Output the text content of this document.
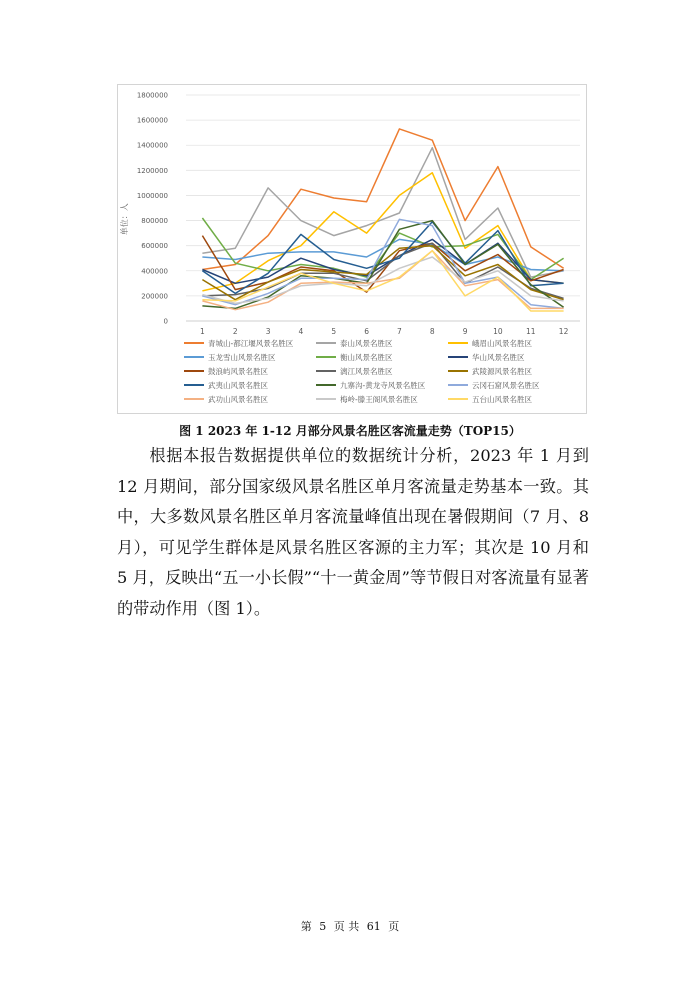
0
200000
400000
600000
800000
1000000
1200000
1400000
1600000
1800000
单位：人
1	2	3	4	5	6	7	8	9	10	11	12
青城山-都江堰风景名胜区	泰山风景名胜区	峨眉山风景名胜区
玉龙雪山风景名胜区	衡山风景名胜区	华山风景名胜区
鼓浪屿风景名胜区	漓江风景名胜区	武陵源风景名胜区
武夷山风景名胜区	九寨沟-黄龙寺风景名胜区	云冈石窟风景名胜区
武功山风景名胜区	梅岭-滕王阁风景名胜区	五台山风景名胜区
图 1 2023 年 1-12 月部分风景名胜区客流量走势（TOP15）

根据本报告数据提供单位的数据统计分析，2023 年 1 月到 12 月期间，部分国家级风景名胜区单月客流量走势基本一致。其中，大多数风景名胜区单月客流量峰值出现在暑假期间（7 月、8 月），可见学生群体是风景名胜区客源的主力军；其次是 10 月和 5 月，反映出“五一小长假”“十一黄金周”等节假日对客流量有显著的带动作用（图 1）。

第 5 页 共 61 页
